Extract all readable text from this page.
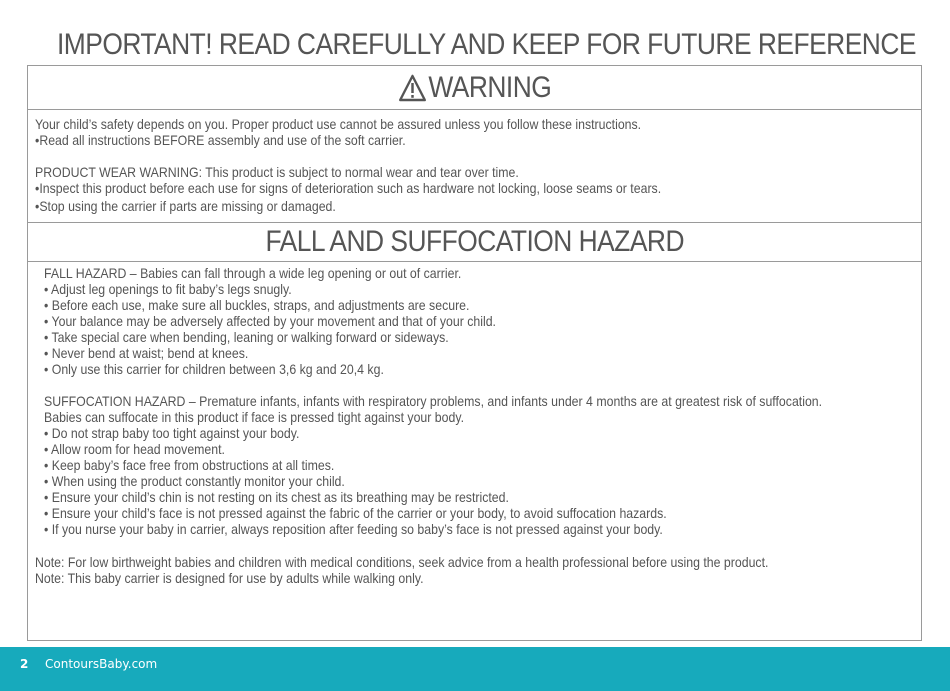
IMPORTANT! READ CAREFULLY AND KEEP FOR FUTURE REFERENCE
WARNING
Your child’s safety depends on you. Proper product use cannot be assured unless you follow these instructions.
•Read all instructions BEFORE assembly and use of the soft carrier.
PRODUCT WEAR WARNING: This product is subject to normal wear and tear over time.
•Inspect this product before each use for signs of deterioration such as hardware not locking, loose seams or tears.
•Stop using the carrier if parts are missing or damaged.
FALL AND SUFFOCATION HAZARD
FALL HAZARD – Babies can fall through a wide leg opening or out of carrier.
• Adjust leg openings to fit baby’s legs snugly.
• Before each use, make sure all buckles, straps, and adjustments are secure.
• Your balance may be adversely affected by your movement and that of your child.
• Take special care when bending, leaning or walking forward or sideways.
• Never bend at waist; bend at knees.
• Only use this carrier for children between 3,6 kg and 20,4 kg.
SUFFOCATION HAZARD – Premature infants, infants with respiratory problems, and infants under 4 months are at greatest risk of suffocation.
Babies can suffocate in this product if face is pressed tight against your body.
• Do not strap baby too tight against your body.
• Allow room for head movement.
• Keep baby’s face free from obstructions at all times.
• When using the product constantly monitor your child.
• Ensure your child’s chin is not resting on its chest as its breathing may be restricted.
• Ensure your child’s face is not pressed against the fabric of the carrier or your body, to avoid suffocation hazards.
• If you nurse your baby in carrier, always reposition after feeding so baby’s face is not pressed against your body.
Note: For low birthweight babies and children with medical conditions, seek advice from a health professional before using the product.
Note: This baby carrier is designed for use by adults while walking only.
2 ContoursBaby.com
